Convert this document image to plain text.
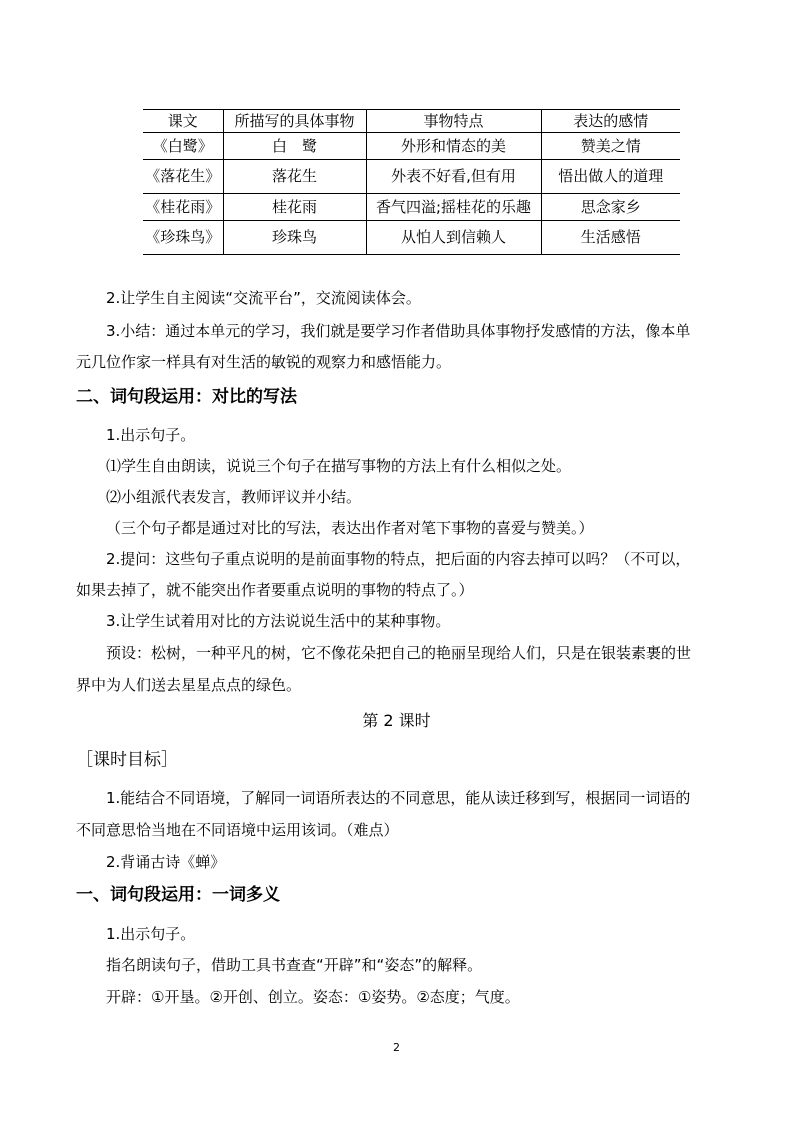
课文	所描写的具体事物	事物特点	表达的感情
《白鹭》	白　鹭	外形和情态的美	赞美之情
《落花生》	落花生	外表不好看,但有用	悟出做人的道理
《桂花雨》	桂花雨	香气四溢;摇桂花的乐趣	思念家乡
《珍珠鸟》	珍珠鸟	从怕人到信赖人	生活感悟
2.让学生自主阅读“交流平台”，交流阅读体会。
3.小结：通过本单元的学习，我们就是要学习作者借助具体事物抒发感情的方法，像本单
元几位作家一样具有对生活的敏锐的观察力和感悟能力。
二、词句段运用：对比的写法
1.出示句子。
⑴学生自由朗读，说说三个句子在描写事物的方法上有什么相似之处。
⑵小组派代表发言，教师评议并小结。
（三个句子都是通过对比的写法，表达出作者对笔下事物的喜爱与赞美。）
2.提问：这些句子重点说明的是前面事物的特点，把后面的内容去掉可以吗？（不可以，
如果去掉了，就不能突出作者要重点说明的事物的特点了。）
3.让学生试着用对比的方法说说生活中的某种事物。
预设：松树，一种平凡的树，它不像花朵把自己的艳丽呈现给人们，只是在银装素裹的世
界中为人们送去星星点点的绿色。
第 2 课时
［课时目标］
1.能结合不同语境，了解同一词语所表达的不同意思，能从读迁移到写，根据同一词语的
不同意思恰当地在不同语境中运用该词。（难点）
2.背诵古诗《蝉》
一、词句段运用：一词多义
1.出示句子。
指名朗读句子，借助工具书查查“开辟”和“姿态”的解释。
开辟：①开垦。②开创、创立。姿态：①姿势。②态度；气度。
2
